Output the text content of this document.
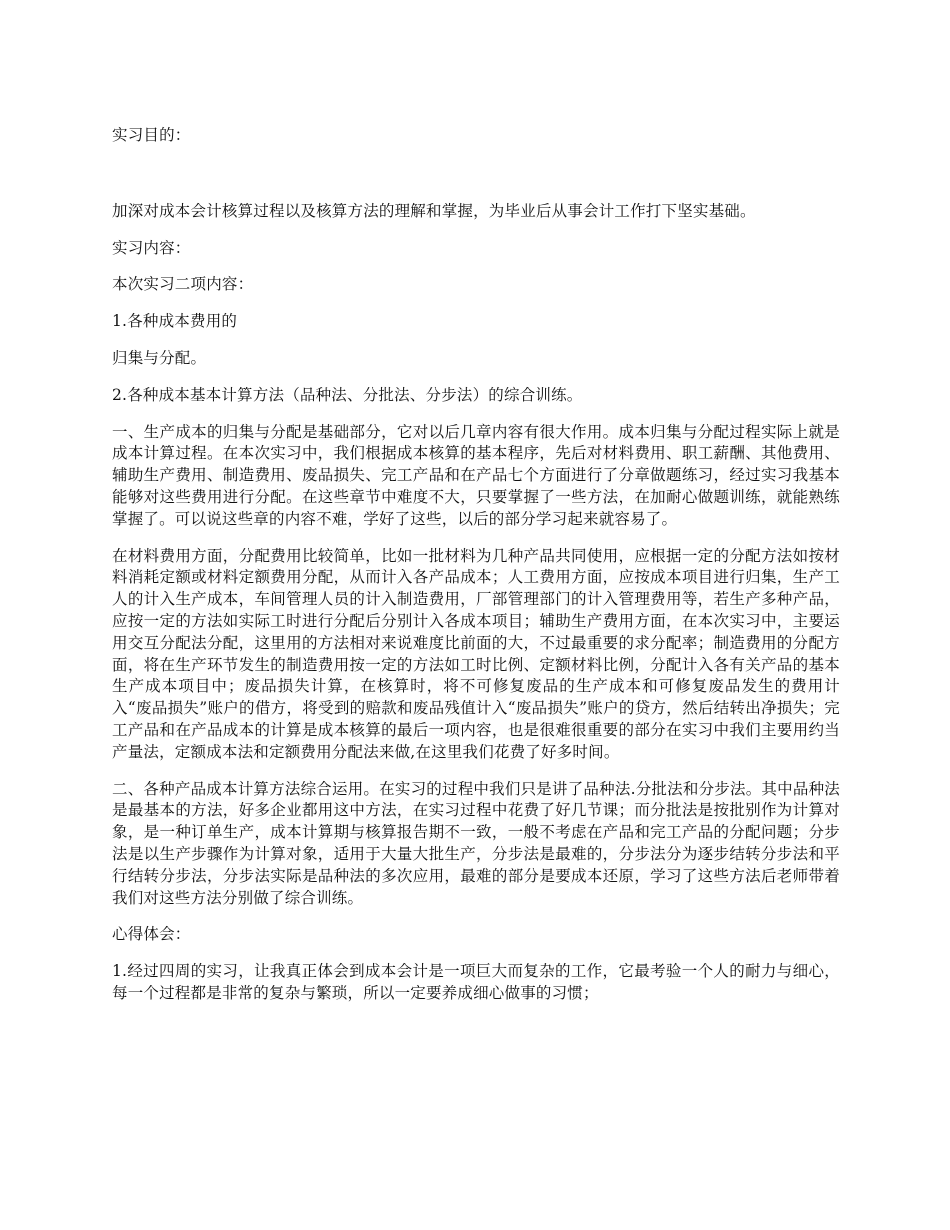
实习目的：

加深对成本会计核算过程以及核算方法的理解和掌握，为毕业后从事会计工作打下坚实基础。

实习内容：

本次实习二项内容：

1.各种成本费用的

归集与分配。

2.各种成本基本计算方法（品种法、分批法、分步法）的综合训练。

一、生产成本的归集与分配是基础部分，它对以后几章内容有很大作用。成本归集与分配过程实际上就是成本计算过程。在本次实习中，我们根据成本核算的基本程序，先后对材料费用、职工薪酬、其他费用、辅助生产费用、制造费用、废品损失、完工产品和在产品七个方面进行了分章做题练习，经过实习我基本能够对这些费用进行分配。在这些章节中难度不大，只要掌握了一些方法，在加耐心做题训练，就能熟练掌握了。可以说这些章的内容不难，学好了这些，以后的部分学习起来就容易了。

在材料费用方面，分配费用比较简单，比如一批材料为几种产品共同使用，应根据一定的分配方法如按材料消耗定额或材料定额费用分配，从而计入各产品成本；人工费用方面，应按成本项目进行归集，生产工人的计入生产成本，车间管理人员的计入制造费用，厂部管理部门的计入管理费用等，若生产多种产品，应按一定的方法如实际工时进行分配后分别计入各成本项目；辅助生产费用方面，在本次实习中，主要运用交互分配法分配，这里用的方法相对来说难度比前面的大，不过最重要的求分配率；制造费用的分配方面，将在生产环节发生的制造费用按一定的方法如工时比例、定额材料比例，分配计入各有关产品的基本生产成本项目中；废品损失计算，在核算时，将不可修复废品的生产成本和可修复废品发生的费用计入“废品损失”账户的借方，将受到的赔款和废品残值计入“废品损失”账户的贷方，然后结转出净损失；完工产品和在产品成本的计算是成本核算的最后一项内容，也是很难很重要的部分在实习中我们主要用约当产量法，定额成本法和定额费用分配法来做,在这里我们花费了好多时间。

二、各种产品成本计算方法综合运用。在实习的过程中我们只是讲了品种法.分批法和分步法。其中品种法是最基本的方法，好多企业都用这中方法，在实习过程中花费了好几节课；而分批法是按批别作为计算对象，是一种订单生产，成本计算期与核算报告期不一致，一般不考虑在产品和完工产品的分配问题；分步法是以生产步骤作为计算对象，适用于大量大批生产，分步法是最难的，分步法分为逐步结转分步法和平行结转分步法，分步法实际是品种法的多次应用，最难的部分是要成本还原，学习了这些方法后老师带着我们对这些方法分别做了综合训练。

心得体会：

1.经过四周的实习，让我真正体会到成本会计是一项巨大而复杂的工作，它最考验一个人的耐力与细心，每一个过程都是非常的复杂与繁琐，所以一定要养成细心做事的习惯；
